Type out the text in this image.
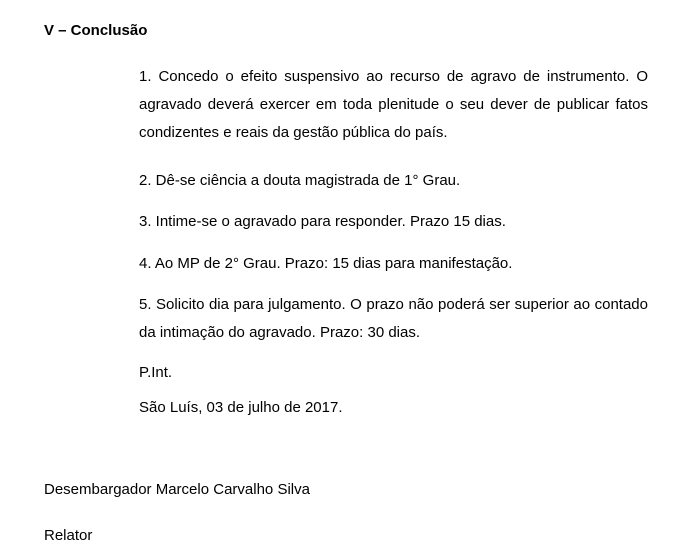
V – Conclusão

1. Concedo o efeito suspensivo ao recurso de agravo de instrumento. O agravado deverá exercer em toda plenitude o seu dever de publicar fatos condizentes e reais da gestão pública do país.

2. Dê-se ciência a douta magistrada de 1° Grau.

3. Intime-se o agravado para responder. Prazo 15 dias.

4. Ao MP de 2° Grau. Prazo: 15 dias para manifestação.

5. Solicito dia para julgamento. O prazo não poderá ser superior ao contado da intimação do agravado. Prazo: 30 dias.

P.Int.

São Luís, 03 de julho de 2017.

Desembargador Marcelo Carvalho Silva

Relator
